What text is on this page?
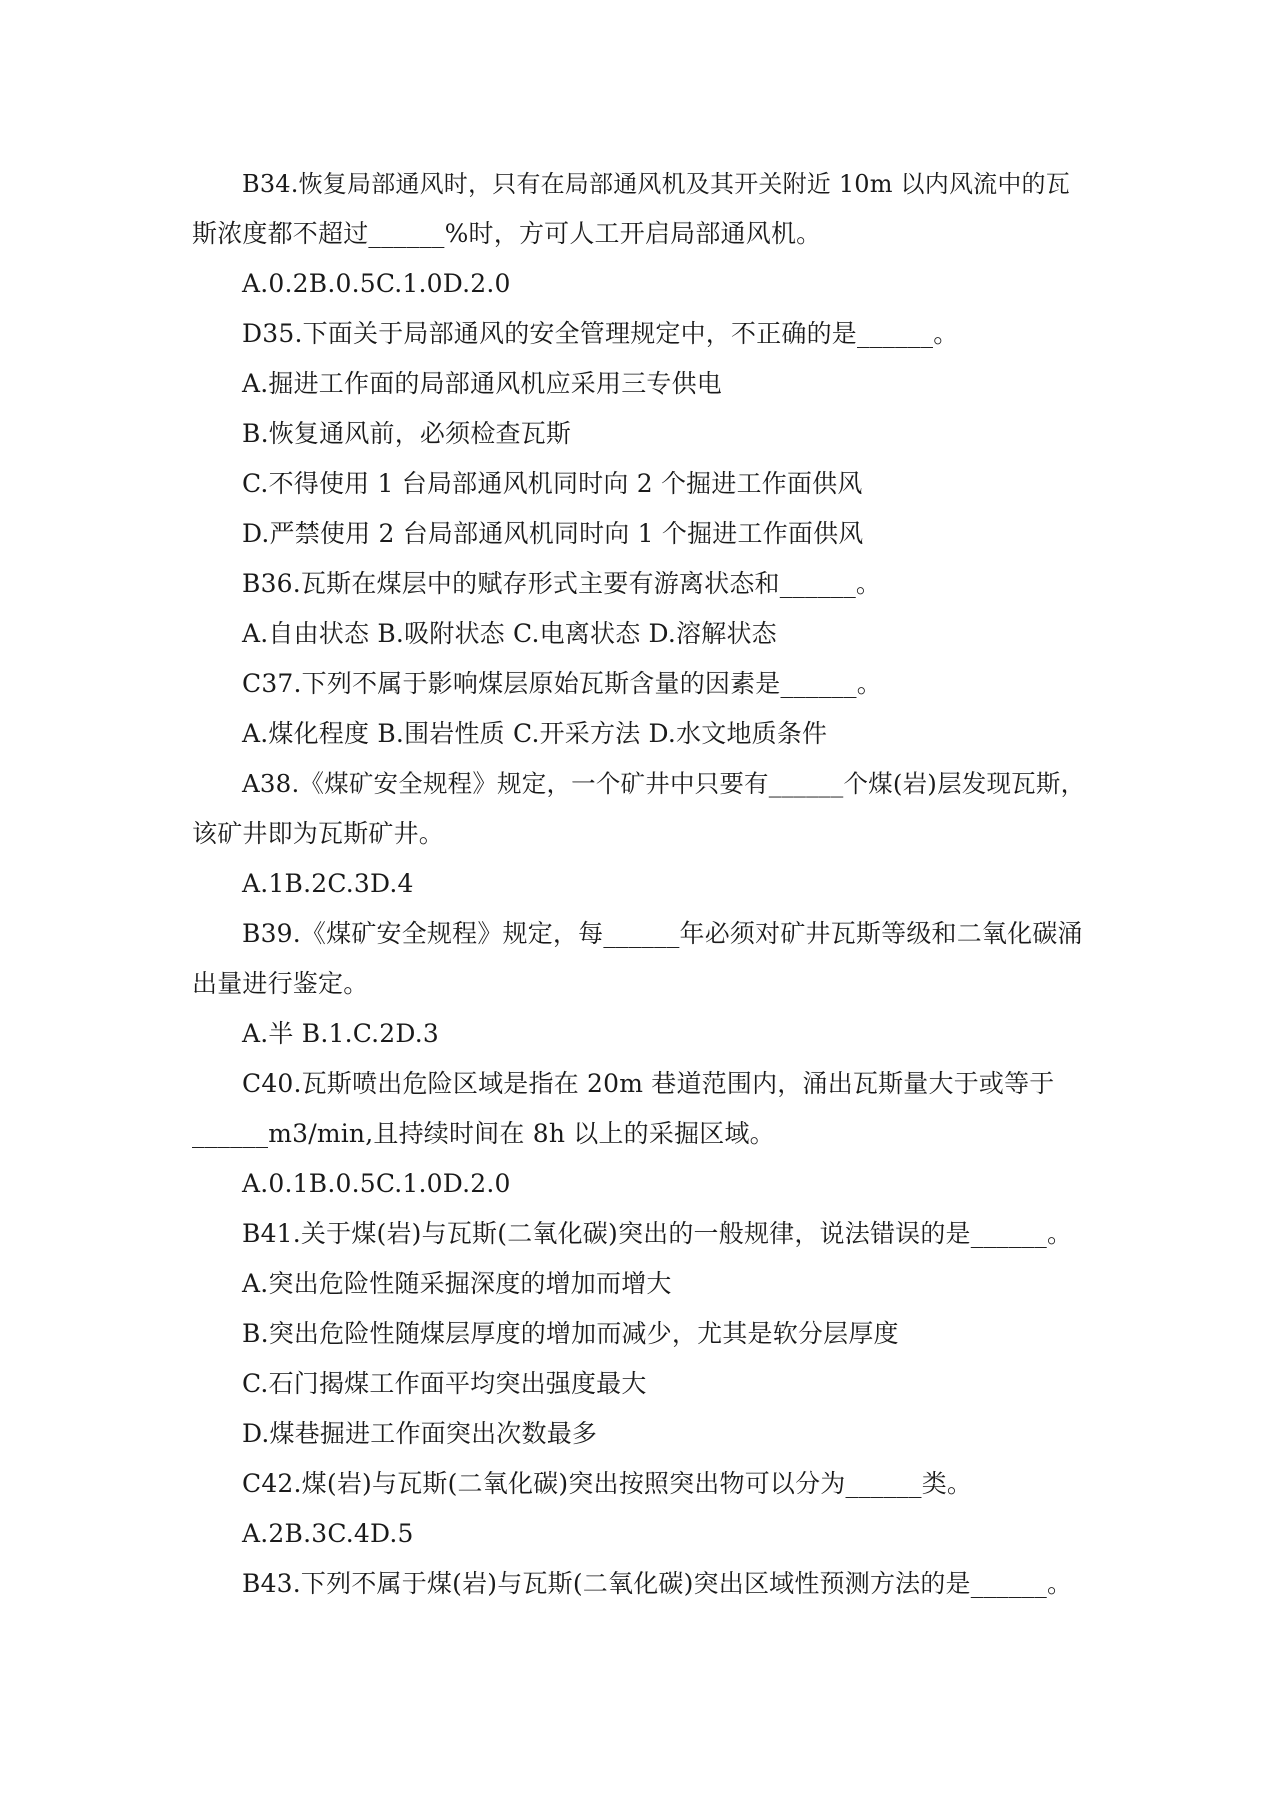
B34.恢复局部通风时，只有在局部通风机及其开关附近 10m 以内风流中的瓦
斯浓度都不超过______%时，方可人工开启局部通风机。
A.0.2B.0.5C.1.0D.2.0
D35.下面关于局部通风的安全管理规定中，不正确的是______。
A.掘进工作面的局部通风机应采用三专供电
B.恢复通风前，必须检查瓦斯
C.不得使用 1 台局部通风机同时向 2 个掘进工作面供风
D.严禁使用 2 台局部通风机同时向 1 个掘进工作面供风
B36.瓦斯在煤层中的赋存形式主要有游离状态和______。
A.自由状态 B.吸附状态 C.电离状态 D.溶解状态
C37.下列不属于影响煤层原始瓦斯含量的因素是______。
A.煤化程度 B.围岩性质 C.开采方法 D.水文地质条件
A38.《煤矿安全规程》规定，一个矿井中只要有______个煤(岩)层发现瓦斯，
该矿井即为瓦斯矿井。
A.1B.2C.3D.4
B39.《煤矿安全规程》规定，每______年必须对矿井瓦斯等级和二氧化碳涌
出量进行鉴定。
A.半 B.1.C.2D.3
C40.瓦斯喷出危险区域是指在 20m 巷道范围内，涌出瓦斯量大于或等于
______m3/min,且持续时间在 8h 以上的采掘区域。
A.0.1B.0.5C.1.0D.2.0
B41.关于煤(岩)与瓦斯(二氧化碳)突出的一般规律，说法错误的是______。
A.突出危险性随采掘深度的增加而增大
B.突出危险性随煤层厚度的增加而减少，尤其是软分层厚度
C.石门揭煤工作面平均突出强度最大
D.煤巷掘进工作面突出次数最多
C42.煤(岩)与瓦斯(二氧化碳)突出按照突出物可以分为______类。
A.2B.3C.4D.5
B43.下列不属于煤(岩)与瓦斯(二氧化碳)突出区域性预测方法的是______。
